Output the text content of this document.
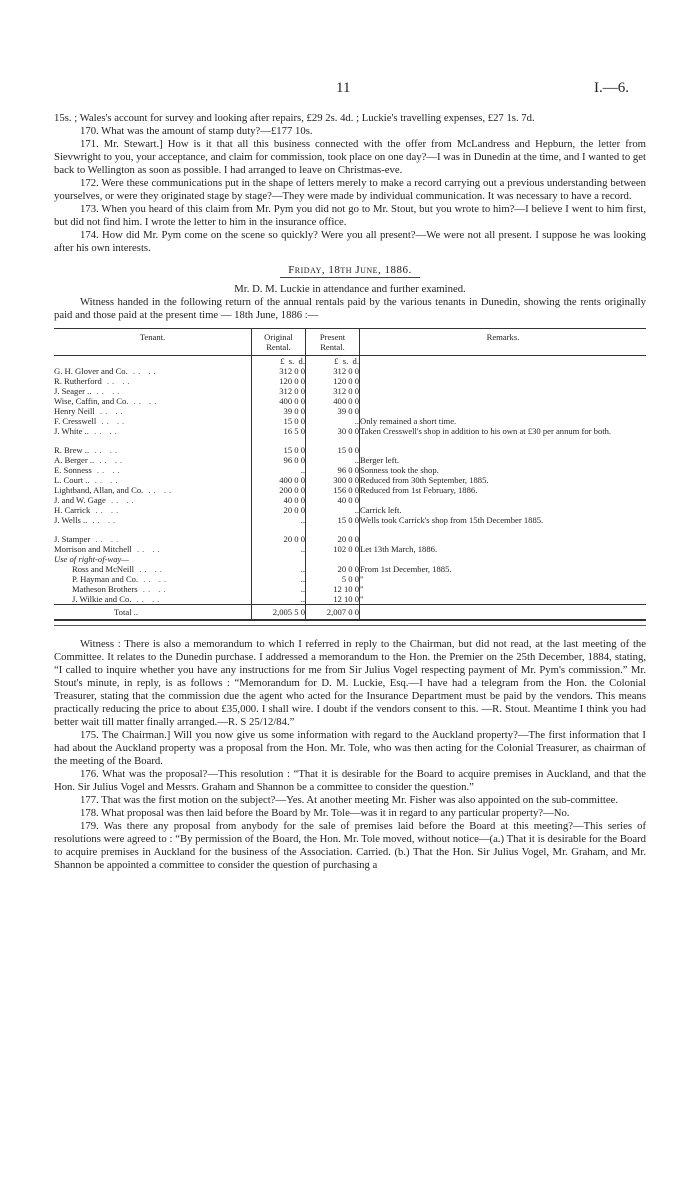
11	I.—6.

15s. ; Wales's account for survey and looking after repairs, £29 2s. 4d. ; Luckie's travelling expenses, £27 1s. 7d.

170. What was the amount of stamp duty?—£177 10s.

171. Mr. Stewart.] How is it that all this business connected with the offer from McLandress and Hepburn, the letter from Sievwright to you, your acceptance, and claim for commission, took place on one day?—I was in Dunedin at the time, and I wanted to get back to Wellington as soon as possible. I had arranged to leave on Christmas-eve.

172. Were these communications put in the shape of letters merely to make a record carrying out a previous understanding between yourselves, or were they originated stage by stage?—They were made by individual communication. It was necessary to have a record.

173. When you heard of this claim from Mr. Pym you did not go to Mr. Stout, but you wrote to him?—I believe I went to him first, but did not find him. I wrote the letter to him in the insurance office.

174. How did Mr. Pym come on the scene so quickly? Were you all present?—We were not all present. I suppose he was looking after his own interests.

Friday, 18th June, 1886.

Mr. D. M. Luckie in attendance and further examined.

Witness handed in the following return of the annual rentals paid by the various tenants in Dunedin, showing the rents originally paid and those paid at the present time — 18th June, 1886 :—

Tenant.	Original Rental.	Present Rental.	Remarks.
	£  s.  d.	£  s.  d.	
G. H. Glover and Co. .. ..	312 0 0	312 0 0	
R. Rutherford .. ..	120 0 0	120 0 0	
J. Seager .. .. ..	312 0 0	312 0 0	
Wise, Caffin, and Co. .. ..	400 0 0	400 0 0	
Henry Neill .. ..	39 0 0	39 0 0	
F. Cresswell .. ..	15 0 0	..	Only remained a short time.
J. White .. .. ..	16 5 0	30 0 0	Taken Cresswell's shop in addition to his own at £30 per annum for both.

R. Brew .. .. ..	15 0 0	15 0 0	
A. Berger .. .. ..	96 0 0	..	Berger left.
E. Sonness .. ..	..	96 0 0	Sonness took the shop.
L. Court .. .. ..	400 0 0	300 0 0	Reduced from 30th September, 1885.
Lightband, Allan, and Co. .. ..	200 0 0	156 0 0	Reduced from 1st February, 1886.
J. and W. Gage .. ..	40 0 0	40 0 0	
H. Carrick .. ..	20 0 0	..	Carrick left.
J. Wells .. .. ..	..	15 0 0	Wells took Carrick's shop from 15th December 1885.

J. Stamper .. ..	20 0 0	20 0 0	
Morrison and Mitchell .. ..	..	102 0 0	Let 13th March, 1886.
Use of right-of-way—			
Ross and McNeill .. ..	..	20 0 0	From 1st December, 1885.
P. Hayman and Co. .. ..	..	5 0 0	"
Matheson Brothers .. ..	..	12 10 0	"
J. Wilkie and Co. .. ..	..	12 10 0	"
Total ..	2,005 5 0	2,007 0 0	

Witness : There is also a memorandum to which I referred in reply to the Chairman, but did not read, at the last meeting of the Committee. It relates to the Dunedin purchase. I addressed a memorandum to the Hon. the Premier on the 25th December, 1884, stating, “I called to inquire whether you have any instructions for me from Sir Julius Vogel respecting payment of Mr. Pym's commission.” Mr. Stout's minute, in reply, is as follows : “Memorandum for D. M. Luckie, Esq.—I have had a telegram from the Hon. the Colonial Treasurer, stating that the commission due the agent who acted for the Insurance Department must be paid by the vendors. This means practically reducing the price to about £35,000. I shall wire. I doubt if the vendors consent to this. —R. Stout. Meantime I think you had better wait till matter finally arranged.—R. S 25/12/84.”

175. The Chairman.] Will you now give us some information with regard to the Auckland property?—The first information that I had about the Auckland property was a proposal from the Hon. Mr. Tole, who was then acting for the Colonial Treasurer, as chairman of the meeting of the Board.

176. What was the proposal?—This resolution : “That it is desirable for the Board to acquire premises in Auckland, and that the Hon. Sir Julius Vogel and Messrs. Graham and Shannon be a committee to consider the question.”

177. That was the first motion on the subject?—Yes. At another meeting Mr. Fisher was also appointed on the sub-committee.

178. What proposal was then laid before the Board by Mr. Tole—was it in regard to any particular property?—No.

179. Was there any proposal from anybody for the sale of premises laid before the Board at this meeting?—This series of resolutions were agreed to : “By permission of the Board, the Hon. Mr. Tole moved, without notice—(a.) That it is desirable for the Board to acquire premises in Auckland for the business of the Association. Carried. (b.) That the Hon. Sir Julius Vogel, Mr. Graham, and Mr. Shannon be appointed a committee to consider the question of purchasing a
